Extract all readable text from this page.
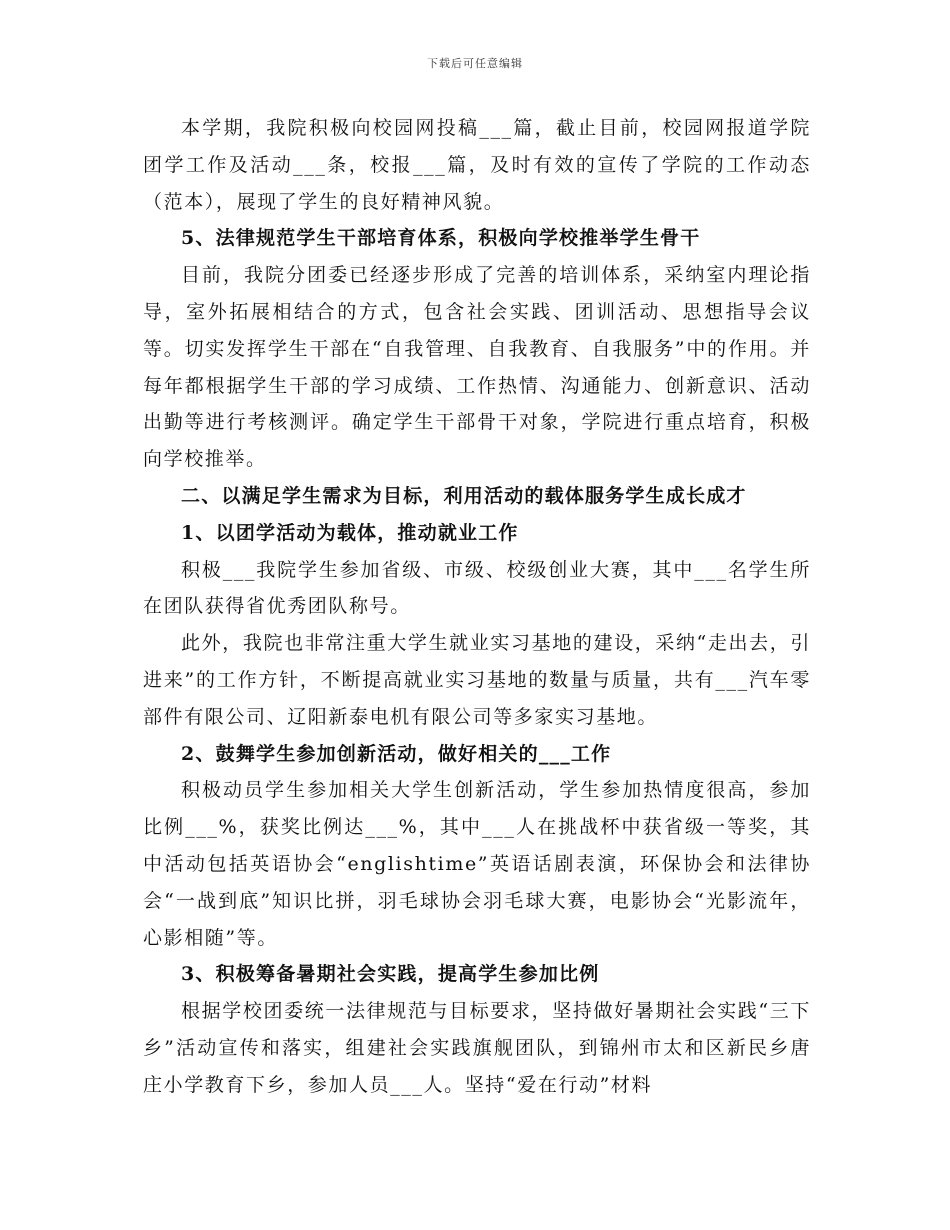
下载后可任意编辑

本学期，我院积极向校园网投稿___篇，截止目前，校园网报道学院团学工作及活动___条，校报___篇，及时有效的宣传了学院的工作动态（范本），展现了学生的良好精神风貌。

5、法律规范学生干部培育体系，积极向学校推举学生骨干

目前，我院分团委已经逐步形成了完善的培训体系，采纳室内理论指导，室外拓展相结合的方式，包含社会实践、团训活动、思想指导会议等。切实发挥学生干部在“自我管理、自我教育、自我服务”中的作用。并每年都根据学生干部的学习成绩、工作热情、沟通能力、创新意识、活动出勤等进行考核测评。确定学生干部骨干对象，学院进行重点培育，积极向学校推举。

二、以满足学生需求为目标，利用活动的载体服务学生成长成才

1、以团学活动为载体，推动就业工作

积极___我院学生参加省级、市级、校级创业大赛，其中___名学生所在团队获得省优秀团队称号。

此外，我院也非常注重大学生就业实习基地的建设，采纳“走出去，引进来”的工作方针，不断提高就业实习基地的数量与质量，共有___汽车零部件有限公司、辽阳新泰电机有限公司等多家实习基地。

2、鼓舞学生参加创新活动，做好相关的___工作

积极动员学生参加相关大学生创新活动，学生参加热情度很高，参加比例___%，获奖比例达___%，其中___人在挑战杯中获省级一等奖，其中活动包括英语协会“englishtime”英语话剧表演，环保协会和法律协会“一战到底”知识比拼，羽毛球协会羽毛球大赛，电影协会“光影流年，心影相随”等。

3、积极筹备暑期社会实践，提高学生参加比例

根据学校团委统一法律规范与目标要求，坚持做好暑期社会实践“三下乡”活动宣传和落实，组建社会实践旗舰团队，到锦州市太和区新民乡唐庄小学教育下乡，参加人员___人。坚持“爱在行动”材料
